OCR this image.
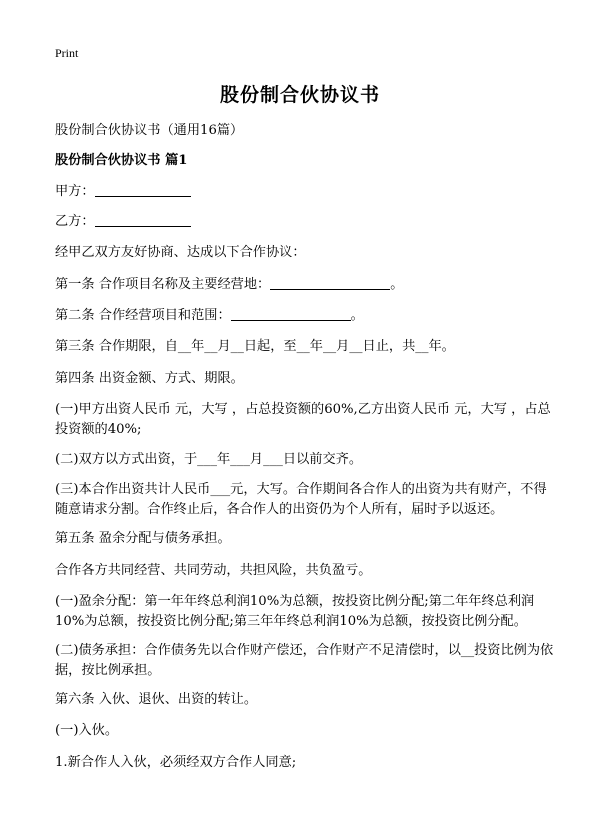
Print
股份制合伙协议书
股份制合伙协议书（通用16篇）
股份制合伙协议书 篇1
甲方：
乙方：
经甲乙双方友好协商、达成以下合作协议：
第一条 合作项目名称及主要经营地：	。
第二条 合作经营项目和范围：	。
第三条 合作期限，自__年__月__日起，至__年__月__日止，共__年。
第四条 出资金额、方式、期限。
(一)甲方出资人民币 元，大写 ，占总投资额的60%,乙方出资人民币 元，大写 ，占总投资额的40%;
(二)双方以方式出资，于___年___月___日以前交齐。
(三)本合作出资共计人民币___元，大写。合作期间各合作人的出资为共有财产，不得随意请求分割。合作终止后，各合作人的出资仍为个人所有，届时予以返还。
第五条 盈余分配与债务承担。
合作各方共同经营、共同劳动，共担风险，共负盈亏。
(一)盈余分配：第一年年终总利润10%为总额，按投资比例分配;第二年年终总利润10%为总额，按投资比例分配;第三年年终总利润10%为总额，按投资比例分配。
(二)债务承担：合作债务先以合作财产偿还，合作财产不足清偿时，以__投资比例为依据，按比例承担。
第六条 入伙、退伙、出资的转让。
(一)入伙。
1.新合作人入伙，必须经双方合作人同意;
